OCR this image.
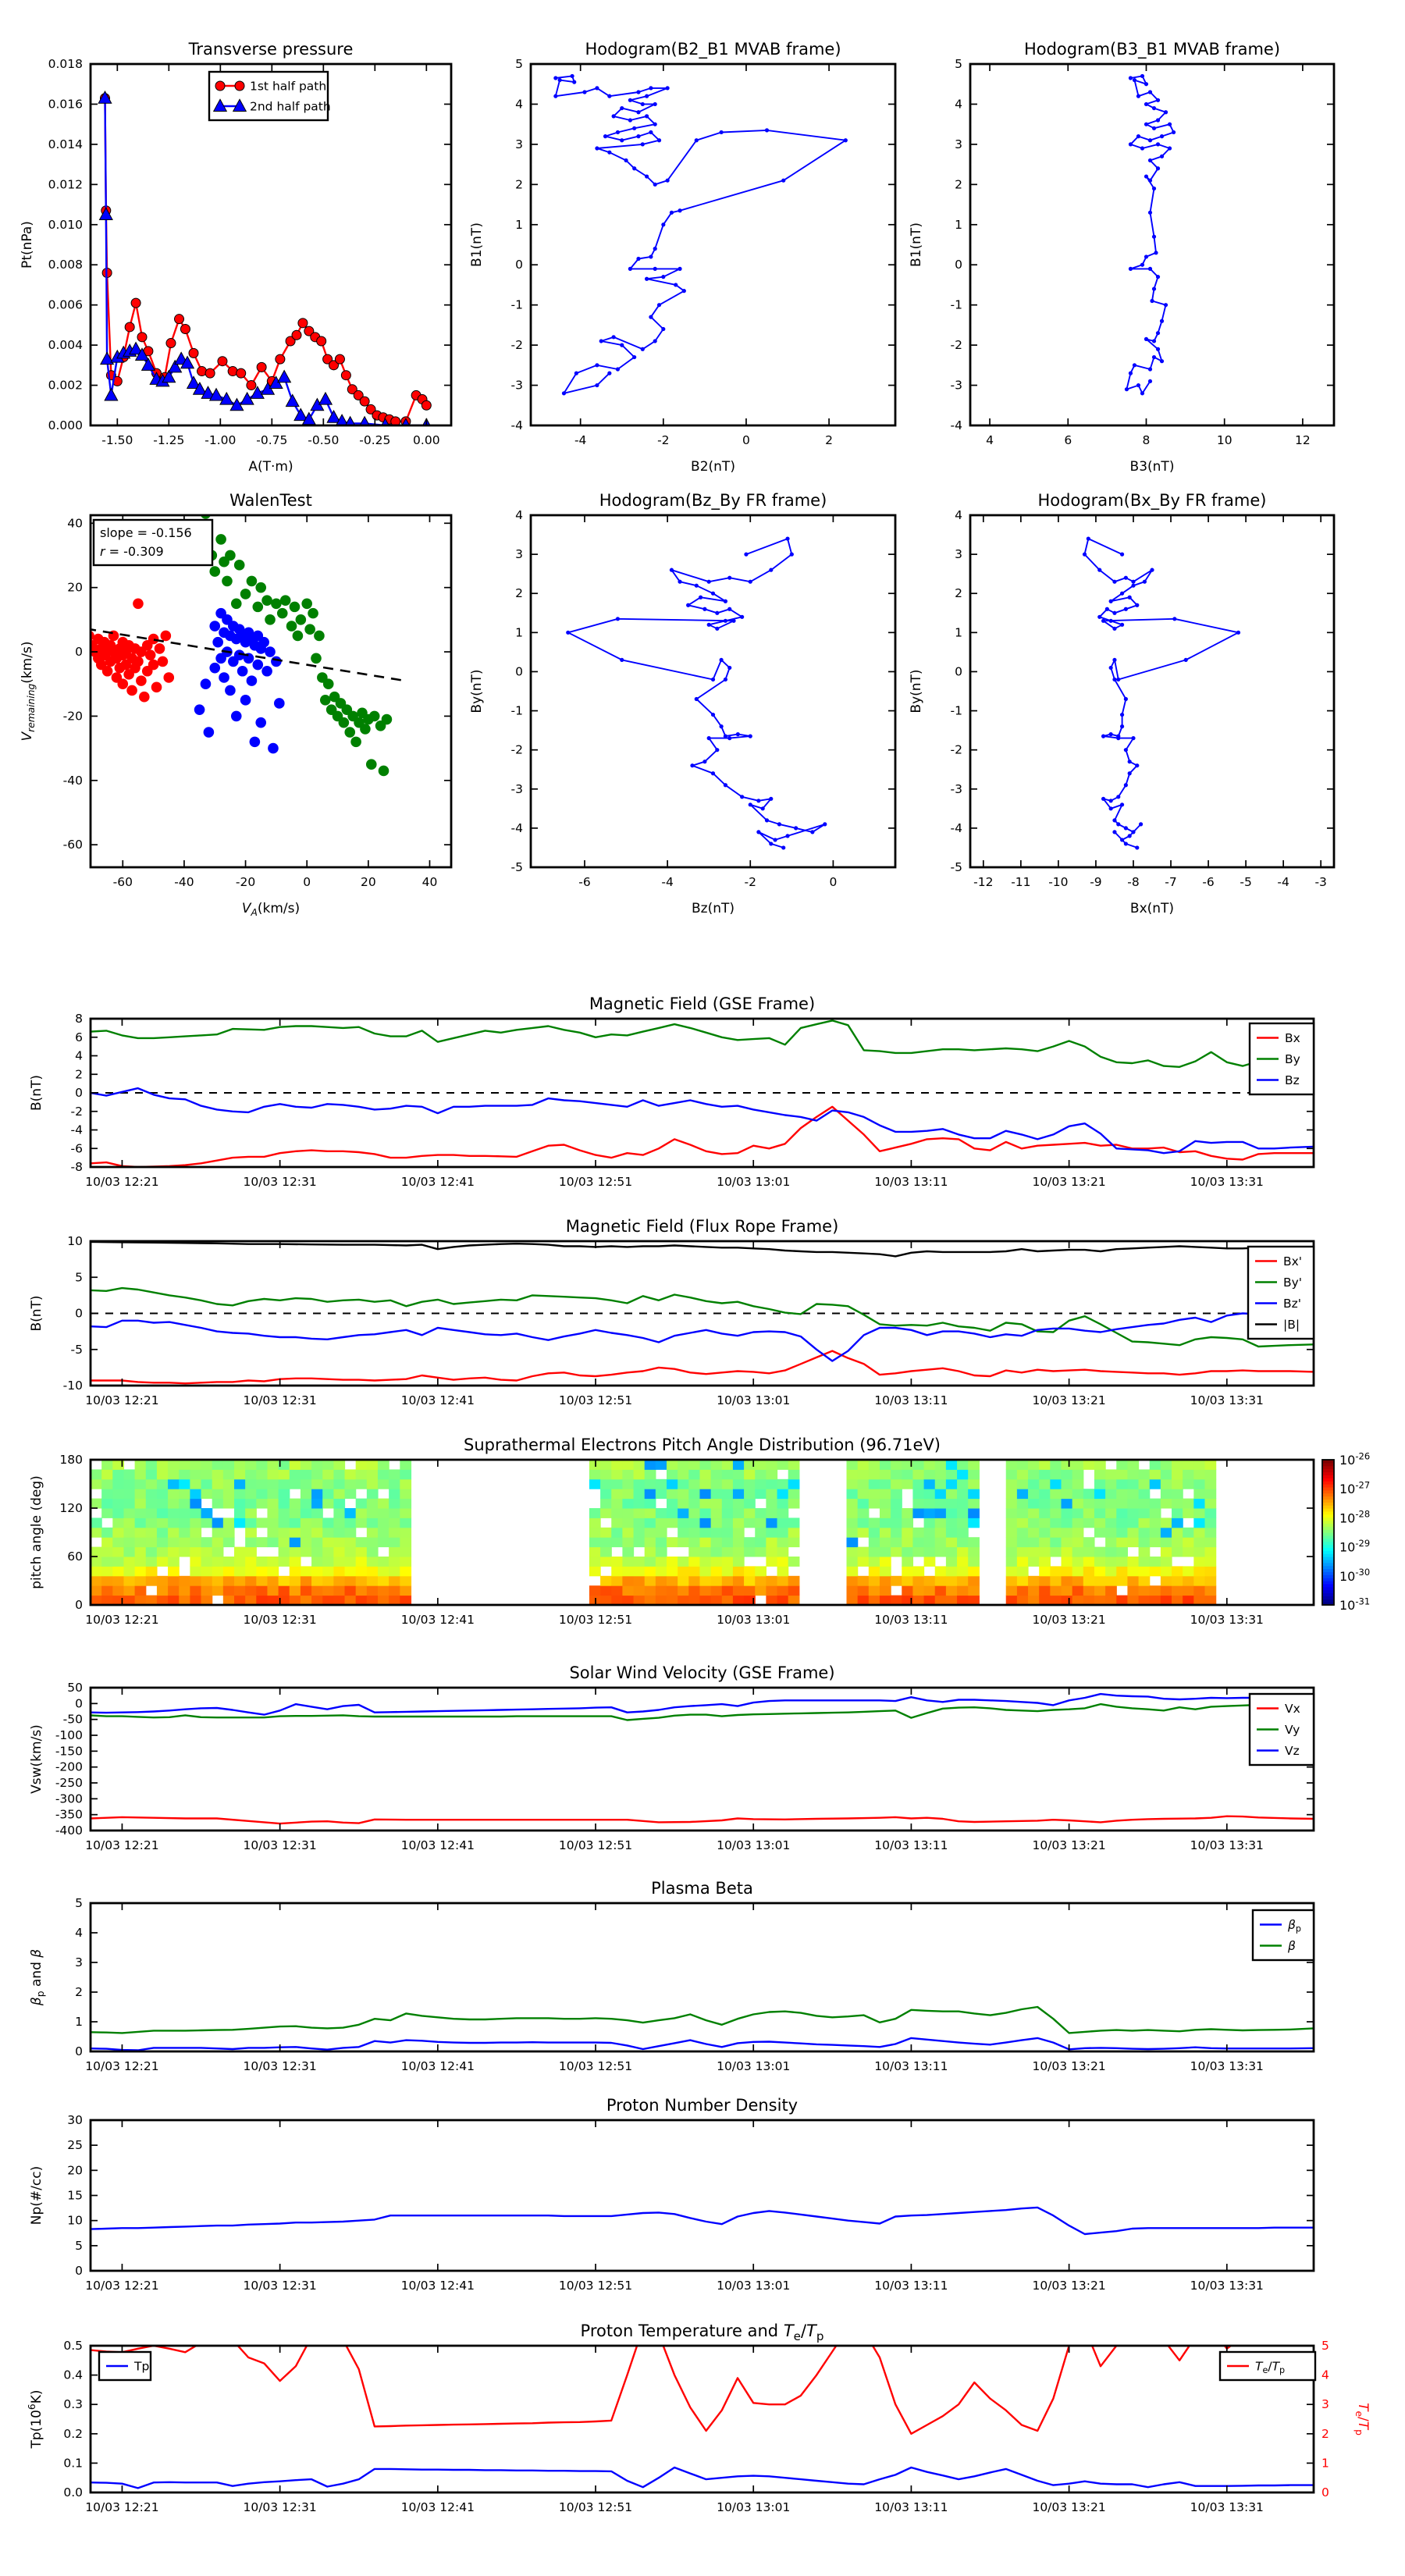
-1.50 -1.25 -1.00 -0.75 -0.50 -0.25 0.00
0.000
0.002
0.004
0.006
0.008
0.010
0.012
0.014
0.016
0.018
Transverse pressure
A(T·m)
Pt(nPa)
1st half path
2nd half path
-4	-2	0	2
-4
-3
-2
-1
0
1
2
3
4
5
Hodogram(B2_B1 MVAB frame)
B2(nT)
B1(nT)
4	6	8	10	12
-4
-3
-2
-1
0
1
2
3
4
5
Hodogram(B3_B1 MVAB frame)
B3(nT)
B1(nT)
-60	-40	-20	0	20	40
-60
-40
-20
0
20
40
WalenTest
$V_A(km/s)$
$V_{remaining}(km/s)$
slope = -0.156
r = -0.309
-6	-4	-2	0
-5
-4
-3
-2
-1
0
1
2
3
4
Hodogram(Bz_By FR frame)
Bz(nT)
By(nT)
-12 -11 -10 -9 -8 -7 -6 -5 -4 -3
-5
-4
-3
-2
-1
0
1
2
3
4
Hodogram(Bx_By FR frame)
Bx(nT)
By(nT)
10/03 12:21	10/03 12:31	10/03 12:41	10/03 12:51	10/03 13:01	10/03 13:11	10/03 13:21	10/03 13:31
-8
-6
-4
-2
0
2
4
6
8
Magnetic Field (GSE Frame)
B(nT)
Bx
By
Bz
10/03 12:21	10/03 12:31	10/03 12:41	10/03 12:51	10/03 13:01	10/03 13:11	10/03 13:21	10/03 13:31
-10
-5
0
5
10
Magnetic Field (Flux Rope Frame)
B(nT)
Bx'
By'
Bz'
|B|
10/03 12:21	10/03 12:31	10/03 12:41	10/03 12:51	10/03 13:01	10/03 13:11	10/03 13:21	10/03 13:31
0
60
120
180
Suprathermal Electrons Pitch Angle Distribution (96.71eV)
pitch angle (deg)
$10^{-26}$
$10^{-27}$
$10^{-28}$
$10^{-29}$
$10^{-30}$
$10^{-31}$
10/03 12:21	10/03 12:31	10/03 12:41	10/03 12:51	10/03 13:01	10/03 13:11	10/03 13:21	10/03 13:31
50
0
-50
-100
-150
-200
-250
-300
-350
-400
Solar Wind Velocity (GSE Frame)
Vsw(km/s)
Vx
Vy
Vz
10/03 12:21	10/03 12:31	10/03 12:41	10/03 12:51	10/03 13:01	10/03 13:11	10/03 13:21	10/03 13:31
0
1
2
3
4
5
Plasma Beta
$\beta_p$ and β
$\beta_p$
β
10/03 12:21	10/03 12:31	10/03 12:41	10/03 12:51	10/03 13:01	10/03 13:11	10/03 13:21	10/03 13:31
0
5
10
15
20
25
30
Proton Number Density
Np(#/cc)
10/03 12:21	10/03 12:31	10/03 12:41	10/03 12:51	10/03 13:01	10/03 13:11	10/03 13:21	10/03 13:31
0.0
0.1
0.2
0.3
0.4
0.5
0
1
2
3
4
5
$T_e/T_p$
Proton Temperature and $T_e/T_p$
$Tp(10^6K)$
Tp	$T_e/T_p$
